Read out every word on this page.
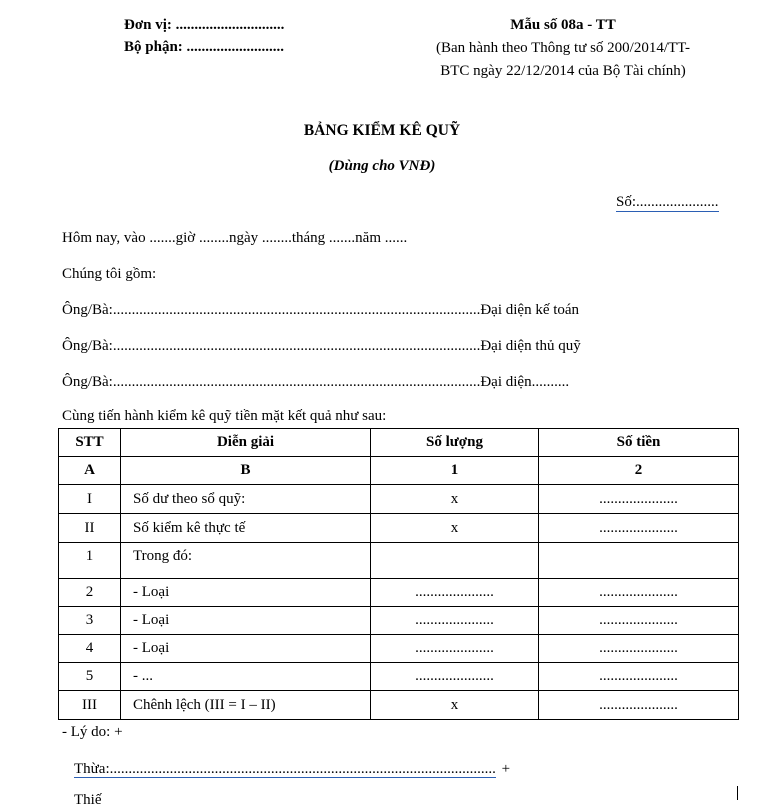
Đơn vị: .............................
Bộ phận: ..........................
Mẫu số 08a - TT
(Ban hành theo Thông tư số 200/2014/TT-
BTC ngày 22/12/2014 của Bộ Tài chính)
BẢNG KIỂM KÊ QUỸ
(Dùng cho VNĐ)
Số:......................
Hôm nay, vào .......giờ ........ngày ........tháng .......năm ......
Chúng tôi gồm:
Ông/Bà:..................................................................................................Đại diện kế toán
Ông/Bà:..................................................................................................Đại diện thủ quỹ
Ông/Bà:..................................................................................................Đại diện..........
Cùng tiến hành kiểm kê quỹ tiền mặt kết quả như sau:
STT	Diễn giải	Số lượng	Số tiền
A	B	1	2
I	Số dư theo sổ quỹ:	x	.....................
II	Số kiểm kê thực tế	x	.....................
1	Trong đó:		
2	- Loại	.....................	.....................
3	- Loại	.....................	.....................
4	- Loại	.....................	.....................
5	- ...	.....................	.....................
III	Chênh lệch (III = I – II)	x	.....................
- Lý do: +
Thừa:....................................................................................................... +
Thiế
